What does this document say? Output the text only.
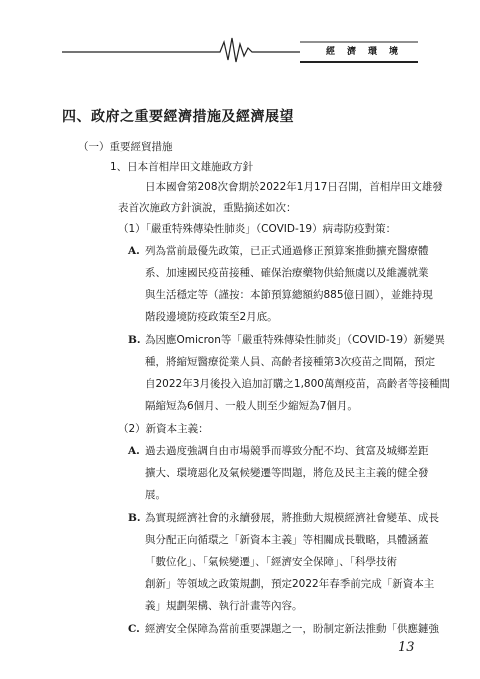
經濟環境
四、政府之重要經濟措施及經濟展望
（一）重要經貿措施
1、日本首相岸田文雄施政方針
日本國會第208次會期於2022年1月17日召開，首相岸田文雄發
表首次施政方針演說，重點摘述如次：
（1）「嚴重特殊傳染性肺炎」（COVID-19）病毒防疫對策：
A. 列為當前最優先政策，已正式通過修正預算案推動擴充醫療體
系、加速國民疫苗接種、確保治療藥物供給無虞以及維護就業
與生活穩定等（謹按：本節預算總額約885億日圓），並維持現
階段邊境防疫政策至2月底。
B. 為因應Omicron等「嚴重特殊傳染性肺炎」（COVID-19）新變異
種，將縮短醫療從業人員、高齡者接種第3次疫苗之間隔，預定
自2022年3月後投入追加訂購之1,800萬劑疫苗，高齡者等接種間
隔縮短為6個月、一般人則至少縮短為7個月。
（2）新資本主義：
A. 過去過度強調自由市場競爭而導致分配不均、貧富及城鄉差距
擴大、環境惡化及氣候變遷等問題，將危及民主主義的健全發
展。
B. 為實現經濟社會的永續發展，將推動大規模經濟社會變革、成長
與分配正向循環之「新資本主義」等相關成長戰略，具體涵蓋
「數位化」、「氣候變遷」、「經濟安全保障」、「科學技術
創新」等領域之政策規劃，預定2022年春季前完成「新資本主
義」規劃架構、執行計畫等內容。
C. 經濟安全保障為當前重要課題之一，盼制定新法推動「供應鏈強
13
